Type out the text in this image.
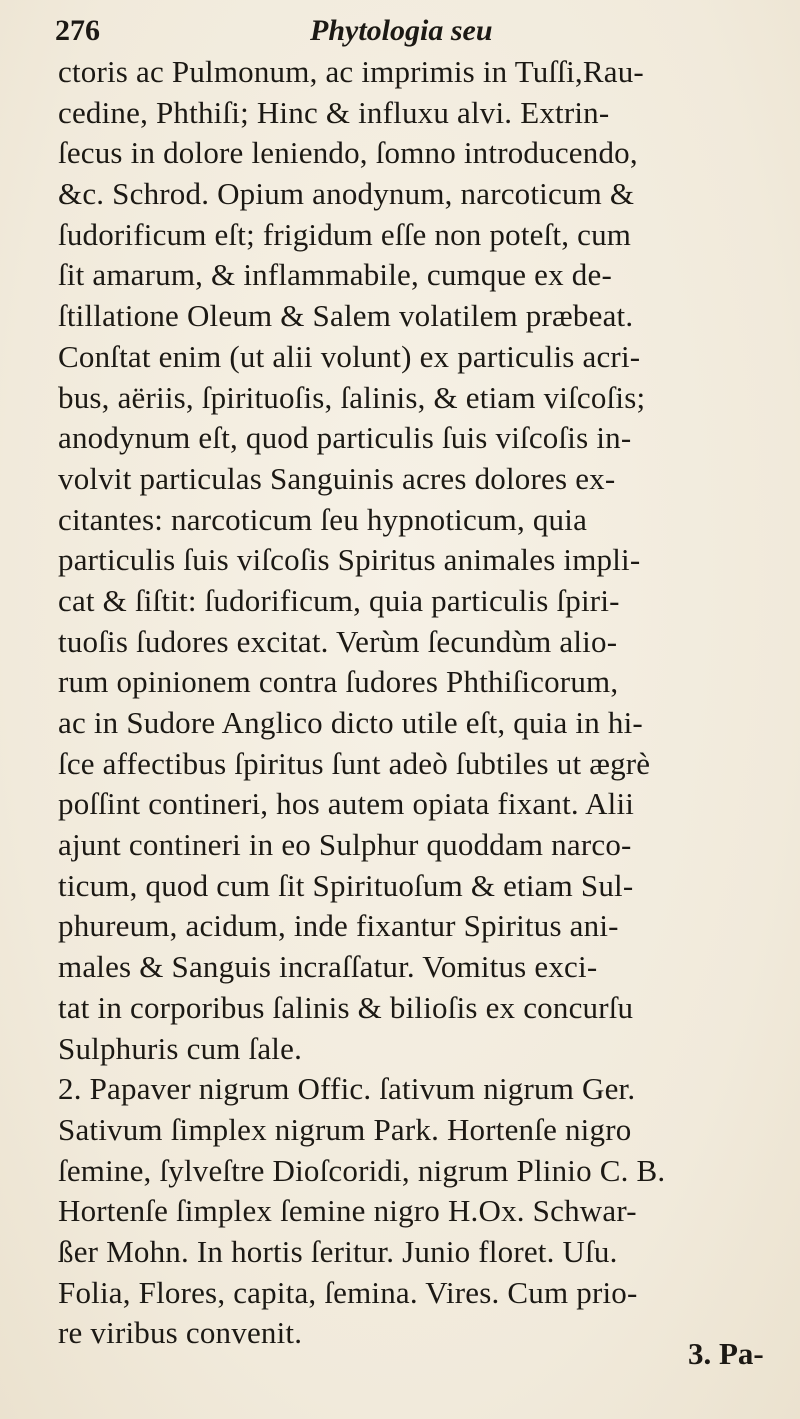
276	Phytologia seu
ctoris ac Pulmonum, ac imprimis in Tuſſi,Rau-
cedine, Phthiſi; Hinc & influxu alvi. Extrin-
ſecus in dolore leniendo, ſomno introducendo,
&c. Schrod. Opium anodynum, narcoticum &
ſudorificum eſt; frigidum eſſe non poteſt, cum
ſit amarum, & inflammabile, cumque ex de-
ſtillatione Oleum & Salem volatilem præbeat.
Conſtat enim (ut alii volunt) ex particulis acri-
bus, aëriis, ſpirituoſis, ſalinis, & etiam viſcoſis;
anodynum eſt, quod particulis ſuis viſcoſis in-
volvit particulas Sanguinis acres dolores ex-
citantes: narcoticum ſeu hypnoticum, quia
particulis ſuis viſcoſis Spiritus animales impli-
cat & ſiſtit: ſudorificum, quia particulis ſpiri-
tuoſis ſudores excitat. Verùm ſecundùm alio-
rum opinionem contra ſudores Phthiſicorum,
ac in Sudore Anglico dicto utile eſt, quia in hi-
ſce affectibus ſpiritus ſunt adeò ſubtiles ut ægrè
poſſint contineri, hos autem opiata fixant. Alii
ajunt contineri in eo Sulphur quoddam narco-
ticum, quod cum ſit Spirituoſum & etiam Sul-
phureum, acidum, inde fixantur Spiritus ani-
males & Sanguis incraſſatur. Vomitus exci-
tat in corporibus ſalinis & bilioſis ex concurſu
Sulphuris cum ſale.
2. Papaver nigrum Offic. ſativum nigrum Ger.
Sativum ſimplex nigrum Park. Hortenſe nigro
ſemine, ſylveſtre Dioſcoridi, nigrum Plinio C. B.
Hortenſe ſimplex ſemine nigro H.Ox. Schwar-
ßer Mohn. In hortis ſeritur. Junio floret. Uſu.
Folia, Flores, capita, ſemina. Vires. Cum prio-
re viribus convenit.
3. Pa-
